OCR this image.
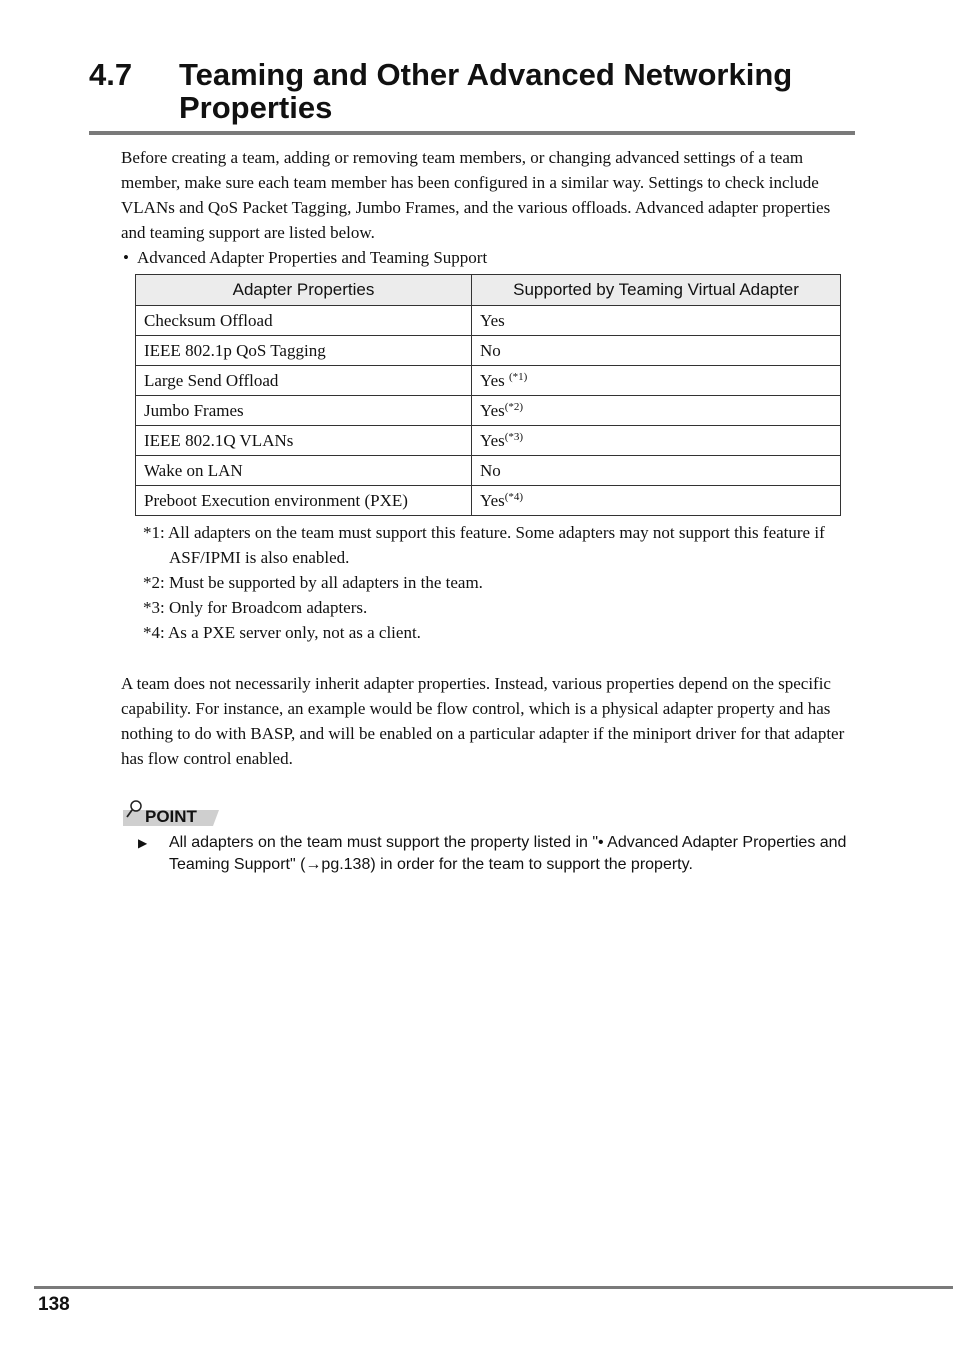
4.7 Teaming and Other Advanced Networking Properties

Before creating a team, adding or removing team members, or changing advanced settings of a team member, make sure each team member has been configured in a similar way. Settings to check include VLANs and QoS Packet Tagging, Jumbo Frames, and the various offloads. Advanced adapter properties and teaming support are listed below.

• Advanced Adapter Properties and Teaming Support
Adapter Properties	Supported by Teaming Virtual Adapter
Checksum Offload	Yes
IEEE 802.1p QoS Tagging	No
Large Send Offload	Yes $^{(*1)}$
Jumbo Frames	Yes$^{(*2)}$
IEEE 802.1Q VLANs	Yes$^{(*3)}$
Wake on LAN	No
Preboot Execution environment (PXE)	Yes$^{(*4)}$
*1: All adapters on the team must support this feature. Some adapters may not support this feature if ASF/IPMI is also enabled.
*2: Must be supported by all adapters in the team.
*3: Only for Broadcom adapters.
*4: As a PXE server only, not as a client.

A team does not necessarily inherit adapter properties. Instead, various properties depend on the specific capability. For instance, an example would be flow control, which is a physical adapter property and has nothing to do with BASP, and will be enabled on a particular adapter if the miniport driver for that adapter has flow control enabled.

POINT
▶ All adapters on the team must support the property listed in "• Advanced Adapter Properties and Teaming Support" (→pg.138) in order for the team to support the property.
138
